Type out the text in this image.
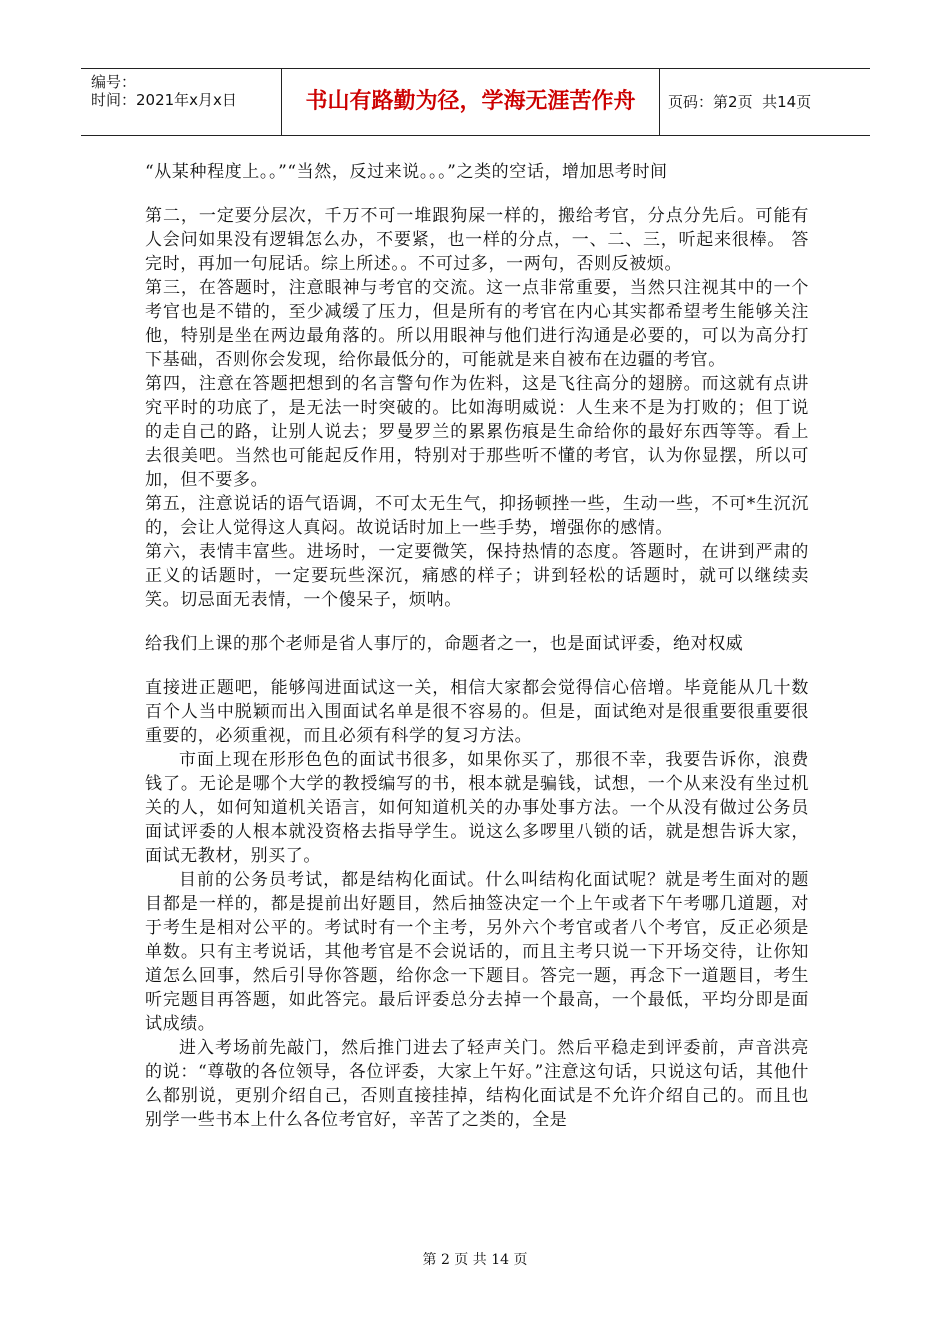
编号：
时间：2021年x月x日	书山有路勤为径，学海无涯苦作舟	页码：第2页  共14页

“从某种程度上。。”“当然，反过来说。。。”之类的空话，增加思考时间

第二，一定要分层次，千万不可一堆跟狗屎一样的，搬给考官，分点分先后。可能有人会问如果没有逻辑怎么办，不要紧，也一样的分点，一、二、三，听起来很棒。 答完时，再加一句屁话。综上所述。。不可过多，一两句，否则反被烦。

第三，在答题时，注意眼神与考官的交流。这一点非常重要，当然只注视其中的一个考官也是不错的，至少减缓了压力，但是所有的考官在内心其实都希望考生能够关注他，特别是坐在两边最角落的。所以用眼神与他们进行沟通是必要的，可以为高分打下基础，否则你会发现，给你最低分的，可能就是来自被布在边疆的考官。

第四，注意在答题把想到的名言警句作为佐料，这是飞往高分的翅膀。而这就有点讲究平时的功底了，是无法一时突破的。比如海明威说：人生来不是为打败的；但丁说的走自己的路，让别人说去；罗曼罗兰的累累伤痕是生命给你的最好东西等等。看上去很美吧。当然也可能起反作用，特别对于那些听不懂的考官，认为你显摆，所以可加，但不要多。

第五，注意说话的语气语调，不可太无生气，抑扬顿挫一些，生动一些，不可*生沉沉的，会让人觉得这人真闷。故说话时加上一些手势，增强你的感情。

第六，表情丰富些。进场时，一定要微笑，保持热情的态度。答题时，在讲到严肃的正义的话题时，一定要玩些深沉，痛感的样子；讲到轻松的话题时，就可以继续卖笑。切忌面无表情，一个傻呆子，烦呐。

给我们上课的那个老师是省人事厅的，命题者之一，也是面试评委，绝对权威

直接进正题吧，能够闯进面试这一关，相信大家都会觉得信心倍增。毕竟能从几十数百个人当中脱颖而出入围面试名单是很不容易的。但是，面试绝对是很重要很重要很重要的，必须重视，而且必须有科学的复习方法。

市面上现在形形色色的面试书很多，如果你买了，那很不幸，我要告诉你，浪费钱了。无论是哪个大学的教授编写的书，根本就是骗钱，试想，一个从来没有坐过机关的人，如何知道机关语言，如何知道机关的办事处事方法。一个从没有做过公务员面试评委的人根本就没资格去指导学生。说这么多啰里八锁的话，就是想告诉大家，面试无教材，别买了。

目前的公务员考试，都是结构化面试。什么叫结构化面试呢？就是考生面对的题目都是一样的，都是提前出好题目，然后抽签决定一个上午或者下午考哪几道题，对于考生是相对公平的。考试时有一个主考，另外六个考官或者八个考官，反正必须是单数。只有主考说话，其他考官是不会说话的，而且主考只说一下开场交待，让你知道怎么回事，然后引导你答题，给你念一下题目。答完一题，再念下一道题目，考生听完题目再答题，如此答完。最后评委总分去掉一个最高，一个最低，平均分即是面试成绩。

进入考场前先敲门，然后推门进去了轻声关门。然后平稳走到评委前，声音洪亮的说：“尊敬的各位领导，各位评委，大家上午好。”注意这句话，只说这句话，其他什么都别说，更别介绍自己，否则直接挂掉，结构化面试是不允许介绍自己的。而且也别学一些书本上什么各位考官好，辛苦了之类的，全是

第 2 页 共 14 页
